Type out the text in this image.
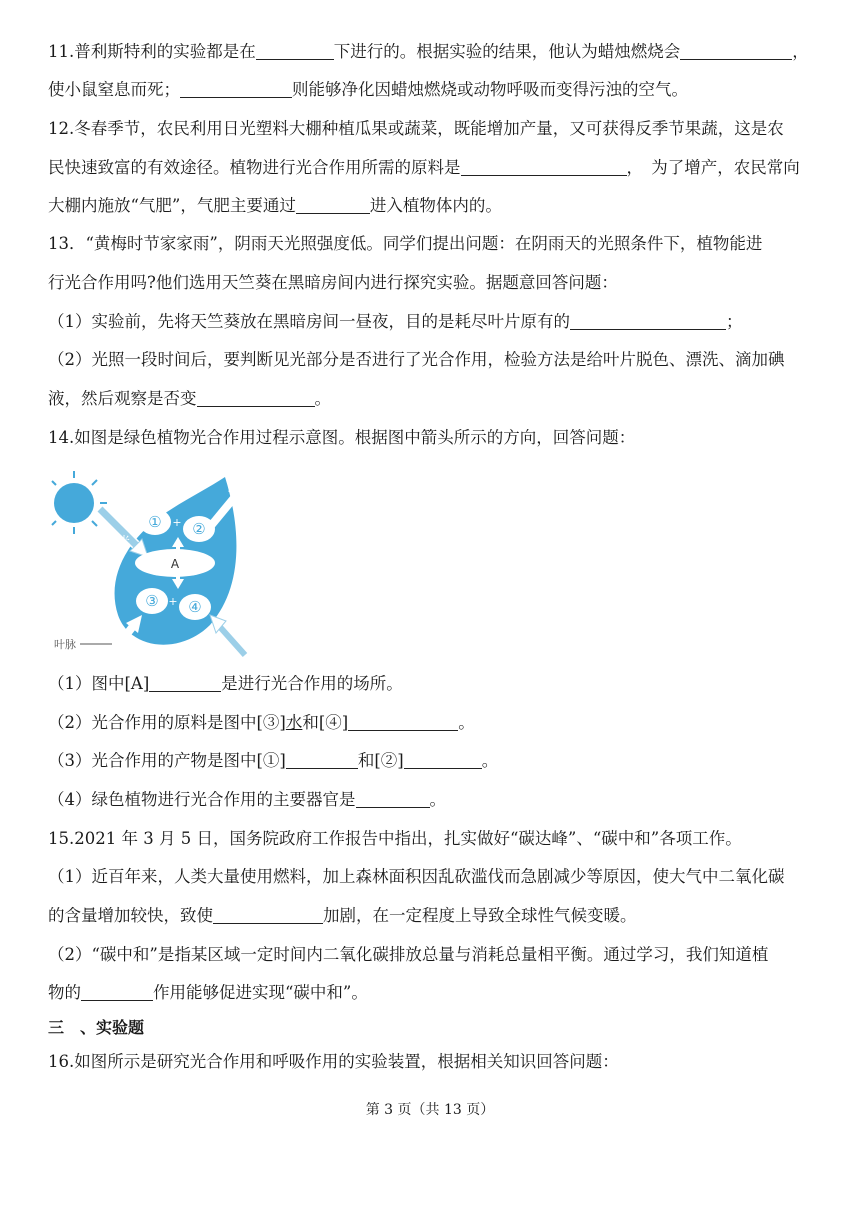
11.普利斯特利的实验都是在	下进行的。根据实验的结果，他认为蜡烛燃烧会	，
使小鼠窒息而死；	则能够净化因蜡烛燃烧或动物呼吸而变得污浊的空气。
12.冬春季节，农民利用日光塑料大棚种植瓜果或蔬菜，既能增加产量，又可获得反季节果蔬，这是农
民快速致富的有效途径。植物进行光合作用所需的原料是	，　为了增产，农民常向
大棚内施放“气肥”，气肥主要通过	进入植物体内的。
13．“黄梅时节家家雨”，阴雨天光照强度低。同学们提出问题：在阴雨天的光照条件下，植物能进
行光合作用吗?他们选用天竺葵在黑暗房间内进行探究实验。据题意回答问题：
（1）实验前，先将天竺葵放在黑暗房间一昼夜，目的是耗尽叶片原有的	；
（2）光照一段时间后，要判断见光部分是否进行了光合作用，检验方法是给叶片脱色、漂洗、滴加碘
液，然后观察是否变	。
14.如图是绿色植物光合作用过程示意图。根据图中箭头所示的方向，回答问题：
光
① + ②
A
③ + ④
叶脉
（1）图中[A]	是进行光合作用的场所。
（2）光合作用的原料是图中[③]水和[④]	。
（3）光合作用的产物是图中[①]	和[②]	。
（4）绿色植物进行光合作用的主要器官是	。
15.2021 年 3 月 5 日，国务院政府工作报告中指出，扎实做好“碳达峰”、“碳中和”各项工作。
（1）近百年来，人类大量使用燃料，加上森林面积因乱砍滥伐而急剧减少等原因，使大气中二氧化碳
的含量增加较快，致使	加剧，在一定程度上导致全球性气候变暖。
（2）“碳中和”是指某区域一定时间内二氧化碳排放总量与消耗总量相平衡。通过学习，我们知道植
物的	作用能够促进实现“碳中和”。
三　、实验题
16.如图所示是研究光合作用和呼吸作用的实验装置，根据相关知识回答问题：
第 3 页（共 13 页）
